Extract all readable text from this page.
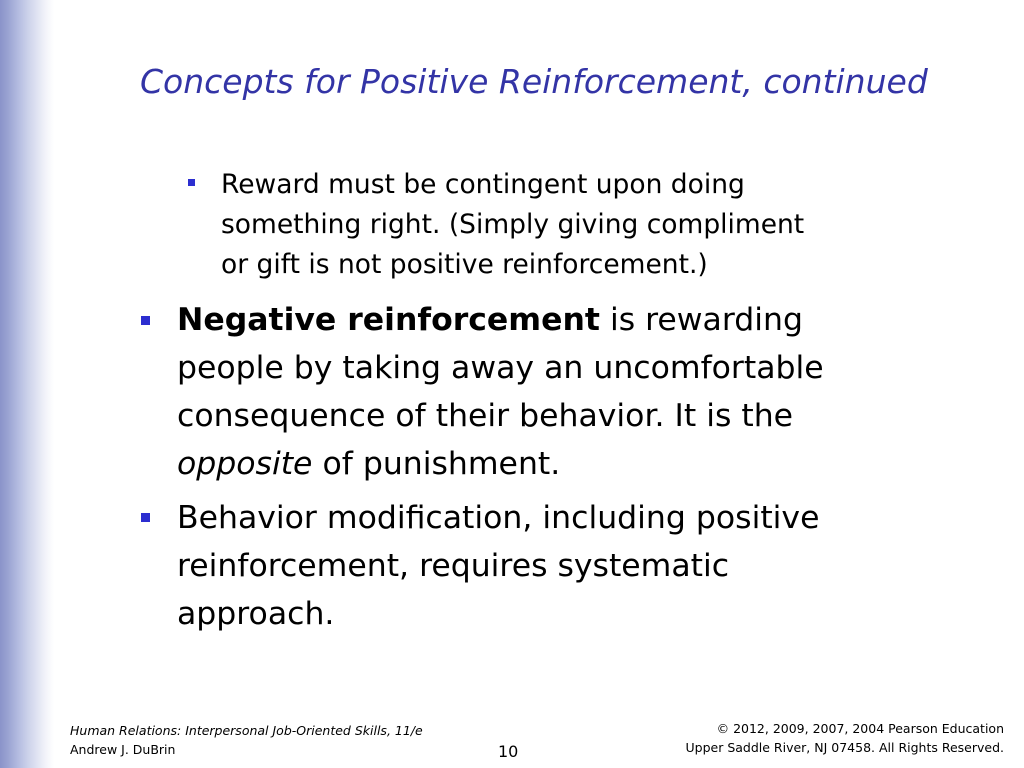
Concepts for Positive Reinforcement, continued
Reward must be contingent upon doing
something right. (Simply giving compliment
or gift is not positive reinforcement.)
Negative reinforcement is rewarding
people by taking away an uncomfortable
consequence of their behavior. It is the
opposite of punishment.
Behavior modification, including positive
reinforcement, requires systematic
approach.
Human Relations: Interpersonal Job-Oriented Skills, 11/e
Andrew J. DuBrin	10
© 2012, 2009, 2007, 2004 Pearson Education
Upper Saddle River, NJ 07458. All Rights Reserved.
